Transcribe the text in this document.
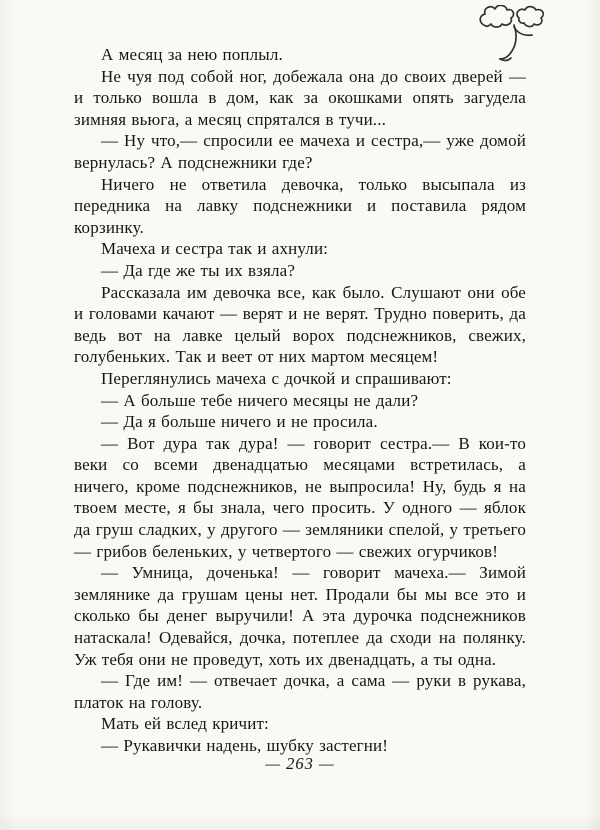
А месяц за нею поплыл.

Не чуя под собой ног, добежала она до своих дверей — и только вошла в дом, как за окошками опять загудела зимняя вьюга, а месяц спрятался в тучи...

— Ну что,— спросили ее мачеха и сестра,— уже домой вернулась? А подснежники где?

Ничего не ответила девочка, только высыпала из передника на лавку подснежники и поставила рядом корзинку.

Мачеха и сестра так и ахнули:

— Да где же ты их взяла?

Рассказала им девочка все, как было. Слушают они обе и головами качают — верят и не верят. Трудно поверить, да ведь вот на лавке целый ворох подснежников, свежих, голубеньких. Так и веет от них мартом месяцем!

Переглянулись мачеха с дочкой и спрашивают:

— А больше тебе ничего месяцы не дали?

— Да я больше ничего и не просила.

— Вот дура так дура! — говорит сестра.— В кои-то веки со всеми двенадцатью месяцами встретилась, а ничего, кроме подснежников, не выпросила! Ну, будь я на твоем месте, я бы знала, чего просить. У одного — яблок да груш сладких, у другого — земляники спелой, у третьего — грибов беленьких, у четвертого — свежих огурчиков!

— Умница, доченька! — говорит мачеха.— Зимой землянике да грушам цены нет. Продали бы мы все это и сколько бы денег выручили! А эта дурочка подснежников натаскала! Одевайся, дочка, потеплее да сходи на полянку. Уж тебя они не проведут, хоть их двенадцать, а ты одна.

— Где им! — отвечает дочка, а сама — руки в рукава, платок на голову.

Мать ей вслед кричит:

— Рукавички надень, шубку застегни!

— 263 —
